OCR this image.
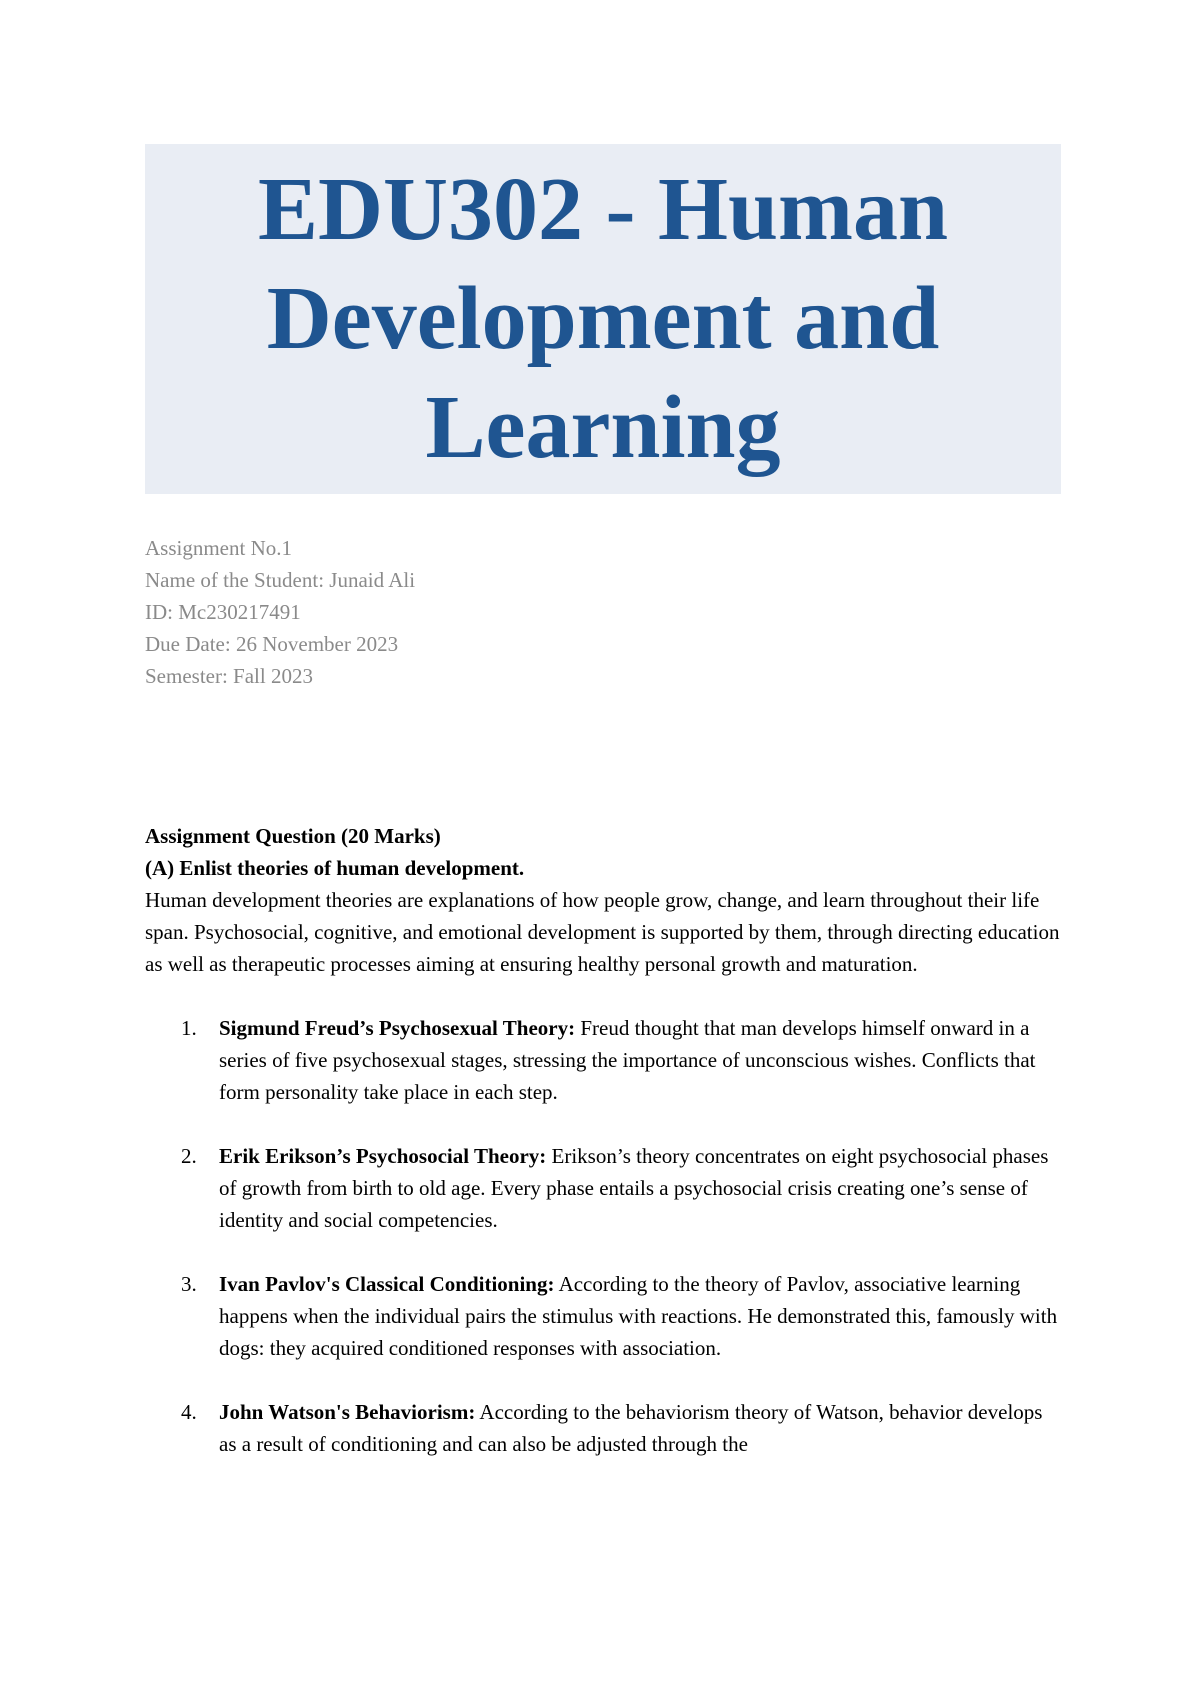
EDU302 - Human
Development and
Learning
Assignment No.1
Name of the Student: Junaid Ali
ID: Mc230217491
Due Date: 26 November 2023
Semester: Fall 2023
Assignment Question (20 Marks)
(A) Enlist theories of human development.

Human development theories are explanations of how people grow, change, and learn throughout their life span. Psychosocial, cognitive, and emotional development is supported by them, through directing education as well as therapeutic processes aiming at ensuring healthy personal growth and maturation.

1. Sigmund Freud’s Psychosexual Theory: Freud thought that man develops himself onward in a series of five psychosexual stages, stressing the importance of unconscious wishes. Conflicts that form personality take place in each step.
2. Erik Erikson’s Psychosocial Theory: Erikson’s theory concentrates on eight psychosocial phases of growth from birth to old age. Every phase entails a psychosocial crisis creating one’s sense of identity and social competencies.
3. Ivan Pavlov's Classical Conditioning: According to the theory of Pavlov, associative learning happens when the individual pairs the stimulus with reactions. He demonstrated this, famously with dogs: they acquired conditioned responses with association.
4. John Watson's Behaviorism: According to the behaviorism theory of Watson, behavior develops as a result of conditioning and can also be adjusted through the
